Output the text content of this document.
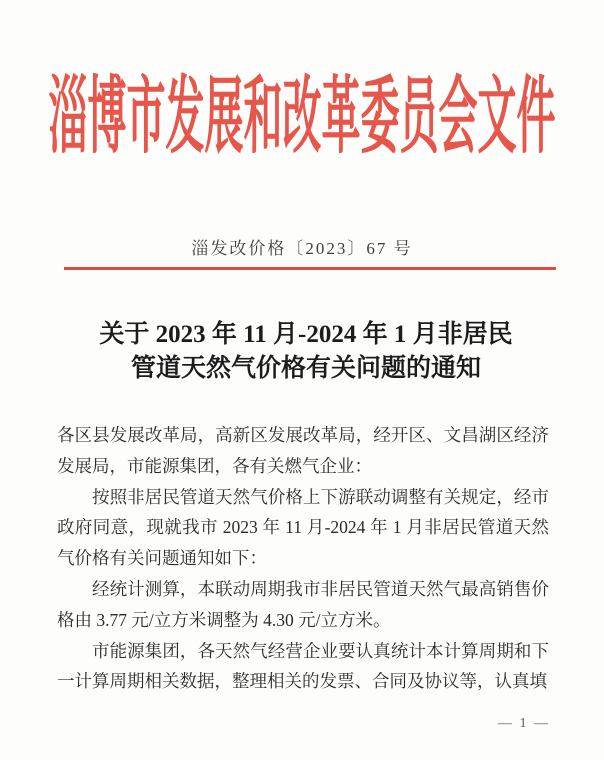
淄博市发展和改革委员会文件
淄发改价格〔2023〕67 号
关于 2023 年 11 月-2024 年 1 月非居民
管道天然气价格有关问题的通知

各区县发展改革局，高新区发展改革局，经开区、文昌湖区经济发展局，市能源集团，各有关燃气企业：

按照非居民管道天然气价格上下游联动调整有关规定，经市政府同意，现就我市 2023 年 11 月-2024 年 1 月非居民管道天然气价格有关问题通知如下：

经统计测算，本联动周期我市非居民管道天然气最高销售价格由 3.77 元/立方米调整为 4.30 元/立方米。

市能源集团，各天然气经营企业要认真统计本计算周期和下一计算周期相关数据，整理相关的发票、合同及协议等，认真填

— 1 —
